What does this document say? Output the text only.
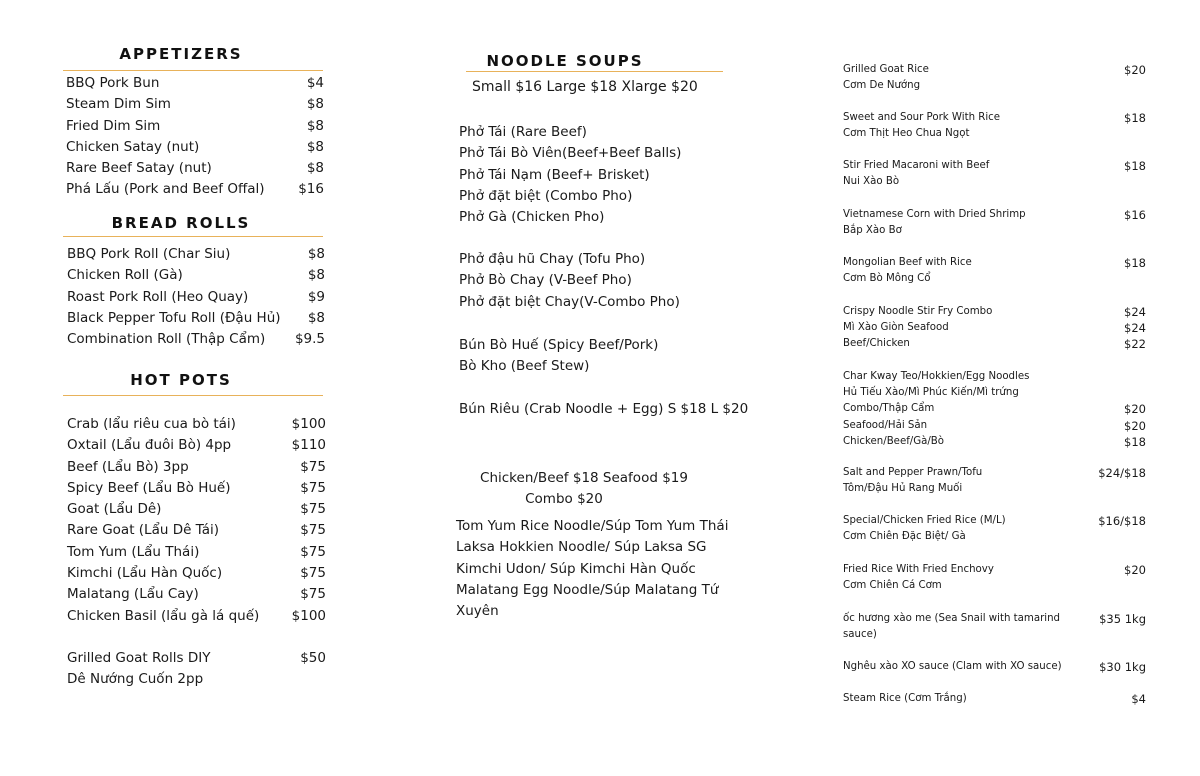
APPETIZERS
BBQ Pork Bun	$4
Steam Dim Sim	$8
Fried Dim Sim	$8
Chicken Satay (nut)	$8
Rare Beef Satay (nut)	$8
Phá Lấu (Pork and Beef Offal) $16
BREAD ROLLS
BBQ Pork Roll (Char Siu)	$8
Chicken Roll (Gà)	$8
Roast Pork Roll (Heo Quay)	$9
Black Pepper Tofu Roll (Đậu Hủ) $8
Combination Roll (Thập Cẩm) $9.5
HOT POTS
Crab (lẩu riêu cua bò tái)	$100
Oxtail (Lẩu đuôi Bò) 4pp	$110
Beef (Lẩu Bò) 3pp	$75
Spicy Beef (Lẩu Bò Huế)	$75
Goat (Lẩu Dê)	$75
Rare Goat (Lẩu Dê Tái)	$75
Tom Yum (Lẩu Thái)	$75
Kimchi (Lẩu Hàn Quốc)	$75
Malatang (Lẩu Cay)	$75
Chicken Basil (lẩu gà lá quế) $100
Grilled Goat Rolls DIY	$50
Dê Nướng Cuốn 2pp
NOODLE SOUPS
Small $16 Large $18 Xlarge $20
Phở Tái (Rare Beef)
Phở Tái Bò Viên(Beef+Beef Balls)
Phở Tái Nạm (Beef+ Brisket)
Phở đặt biệt (Combo Pho)
Phở Gà (Chicken Pho)
Phở đậu hũ Chay (Tofu Pho)
Phở Bò Chay (V-Beef Pho)
Phở đặt biệt Chay(V-Combo Pho)
Bún Bò Huế (Spicy Beef/Pork)
Bò Kho (Beef Stew)
Bún Riêu (Crab Noodle + Egg) S $18 L $20
Chicken/Beef $18 Seafood $19
Combo $20
Tom Yum Rice Noodle/Súp Tom Yum Thái
Laksa Hokkien Noodle/ Súp Laksa SG
Kimchi Udon/ Súp Kimchi Hàn Quốc
Malatang Egg Noodle/Súp Malatang Tứ
Xuyên
Grilled Goat Rice	$20
Cơm De Nướng
Sweet and Sour Pork With Rice	$18
Cơm Thịt Heo Chua Ngọt
Stir Fried Macaroni with Beef	$18
Nui Xào Bò
Vietnamese Corn with Dried Shrimp	$16
Bắp Xào Bơ
Mongolian Beef with Rice	$18
Cơm Bò Mông Cổ
Crispy Noodle Stir Fry Combo	$24
Mì Xào Giòn Seafood	$24
Beef/Chicken	$22
Char Kway Teo/Hokkien/Egg Noodles
Hủ Tiếu Xào/Mì Phúc Kiến/Mì trứng
Combo/Thập Cẩm	$20
Seafood/Hải Sản	$20
Chicken/Beef/Gà/Bò	$18
Salt and Pepper Prawn/Tofu	$24/$18
Tôm/Đậu Hủ Rang Muối
Special/Chicken Fried Rice (M/L)	$16/$18
Cơm Chiên Đặc Biệt/ Gà
Fried Rice With Fried Enchovy	$20
Cơm Chiên Cá Cơm
ốc hương xào me (Sea Snail with tamarind	$35 1kg
sauce)
Nghêu xào XO sauce (Clam with XO sauce)	$30 1kg
Steam Rice (Cơm Trắng)	$4
